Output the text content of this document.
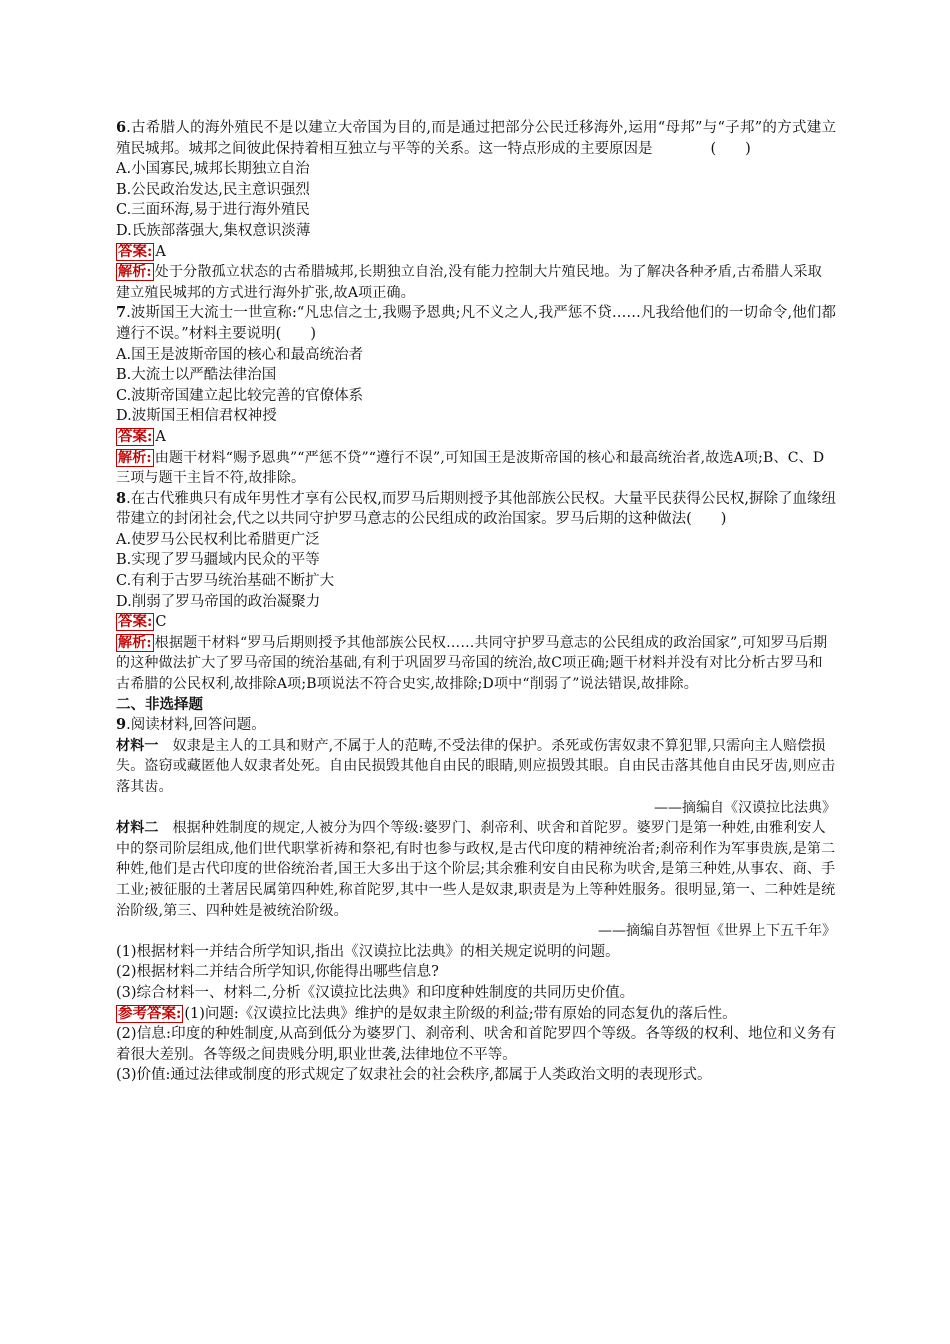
6.古希腊人的海外殖民不是以建立大帝国为目的,而是通过把部分公民迁移海外,运用“母邦”与“子邦”的方式建立殖民城邦。城邦之间彼此保持着相互独立与平等的关系。这一特点形成的主要原因是　　　　(　　)

A.小国寡民,城邦长期独立自治

B.公民政治发达,民主意识强烈

C.三面环海,易于进行海外殖民

D.氏族部落强大,集权意识淡薄

答案: A

解析: 处于分散孤立状态的古希腊城邦,长期独立自治,没有能力控制大片殖民地。为了解决各种矛盾,古希腊人采取建立殖民城邦的方式进行海外扩张,故A项正确。

7.波斯国王大流士一世宣称:“凡忠信之士,我赐予恩典;凡不义之人,我严惩不贷……凡我给他们的一切命令,他们都遵行不误。”材料主要说明(　　)

A.国王是波斯帝国的核心和最高统治者

B.大流士以严酷法律治国

C.波斯帝国建立起比较完善的官僚体系

D.波斯国王相信君权神授

答案: A

解析: 由题干材料“赐予恩典”“严惩不贷”“遵行不误”,可知国王是波斯帝国的核心和最高统治者,故选A项;B、C、D三项与题干主旨不符,故排除。

8.在古代雅典只有成年男性才享有公民权,而罗马后期则授予其他部族公民权。大量平民获得公民权,摒除了血缘纽带建立的封闭社会,代之以共同守护罗马意志的公民组成的政治国家。罗马后期的这种做法(　　)

A.使罗马公民权利比希腊更广泛

B.实现了罗马疆域内民众的平等

C.有利于古罗马统治基础不断扩大

D.削弱了罗马帝国的政治凝聚力

答案: C

解析: 根据题干材料“罗马后期则授予其他部族公民权……共同守护罗马意志的公民组成的政治国家”,可知罗马后期的这种做法扩大了罗马帝国的统治基础,有利于巩固罗马帝国的统治,故C项正确;题干材料并没有对比分析古罗马和古希腊的公民权利,故排除A项;B项说法不符合史实,故排除;D项中“削弱了”说法错误,故排除。

二、非选择题

9.阅读材料,回答问题。

材料一 奴隶是主人的工具和财产,不属于人的范畴,不受法律的保护。杀死或伤害奴隶不算犯罪,只需向主人赔偿损失。盗窃或藏匿他人奴隶者处死。自由民损毁其他自由民的眼睛,则应损毁其眼。自由民击落其他自由民牙齿,则应击落其齿。

——摘编自《汉谟拉比法典》

材料二 根据种姓制度的规定,人被分为四个等级:婆罗门、刹帝利、吠舍和首陀罗。婆罗门是第一种姓,由雅利安人中的祭司阶层组成,他们世代职掌祈祷和祭祀,有时也参与政权,是古代印度的精神统治者;刹帝利作为军事贵族,是第二种姓,他们是古代印度的世俗统治者,国王大多出于这个阶层;其余雅利安自由民称为吠舍,是第三种姓,从事农、商、手工业;被征服的土著居民属第四种姓,称首陀罗,其中一些人是奴隶,职责是为上等种姓服务。很明显,第一、二种姓是统治阶级,第三、四种姓是被统治阶级。

——摘编自苏智恒《世界上下五千年》

(1)根据材料一并结合所学知识,指出《汉谟拉比法典》的相关规定说明的问题。

(2)根据材料二并结合所学知识,你能得出哪些信息?

(3)综合材料一、材料二,分析《汉谟拉比法典》和印度种姓制度的共同历史价值。

参考答案: (1)问题:《汉谟拉比法典》维护的是奴隶主阶级的利益;带有原始的同态复仇的落后性。

(2)信息:印度的种姓制度,从高到低分为婆罗门、刹帝利、吠舍和首陀罗四个等级。各等级的权利、地位和义务有着很大差别。各等级之间贵贱分明,职业世袭,法律地位不平等。

(3)价值:通过法律或制度的形式规定了奴隶社会的社会秩序,都属于人类政治文明的表现形式。
